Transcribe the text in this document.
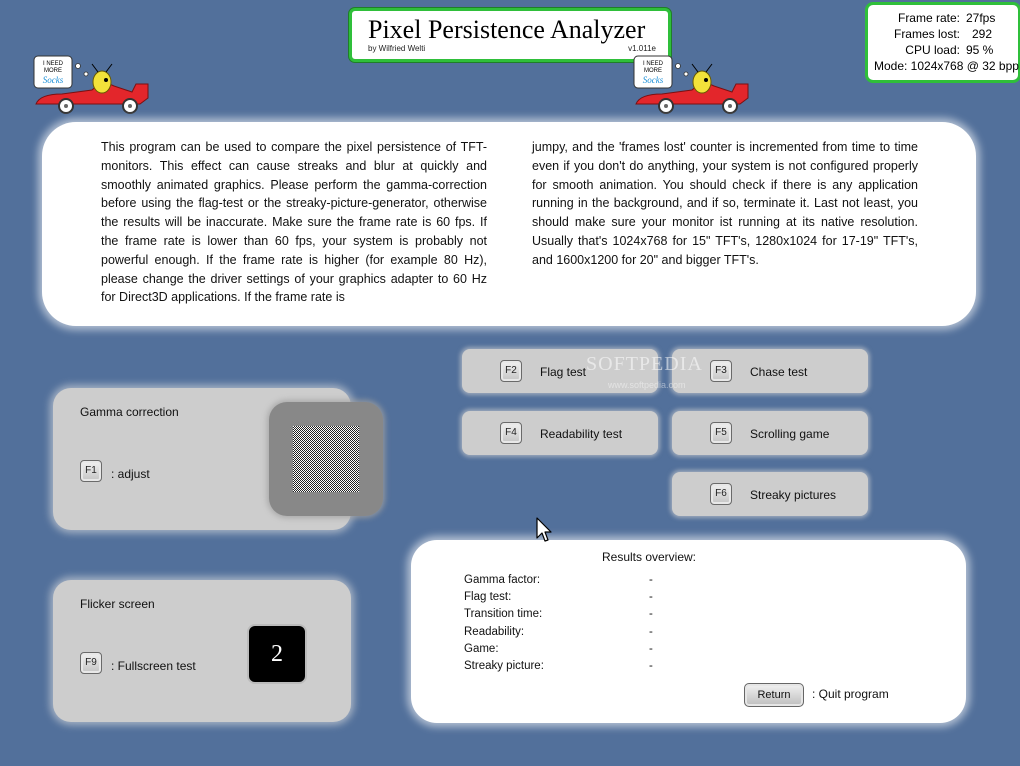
Pixel Persistence Analyzer
by Wilfried Welti	v1.011e
Frame rate: 27fps
Frames lost: 292
CPU load: 95 %
Mode: 1024x768 @ 32 bpp
I NEED
MORE
Socks
I NEED
MORE
Socks
This program can be used to compare the pixel persistence of TFT-monitors. This effect can cause streaks and blur at quickly and smoothly animated graphics. Please perform the gamma-correction before using the flag-test or the streaky-picture-generator, otherwise the results will be inaccurate. Make sure the frame rate is 60 fps. If the frame rate is lower than 60 fps, your system is probably not powerful enough. If the frame rate is higher (for example 80 Hz), please change the driver settings of your graphics adapter to 60 Hz for Direct3D applications. If the frame rate is
jumpy, and the 'frames lost' counter is incremented from time to time even if you don't do anything, your system is not configured properly for smooth animation. You should check if there is any application running in the background, and if so, terminate it. Last not least, you should make sure your monitor ist running at its native resolution. Usually that's 1024x768 for 15" TFT's, 1280x1024 for 17-19" TFT's, and 1600x1200 for 20" and bigger TFT's.
Gamma correction
F1	: adjust
Flicker screen
F9	: Fullscreen test	2
F2	Flag test	F3	Chase test
F4	Readability test	F5	Scrolling game
F6	Streaky pictures
SOFTPEDIA
www.softpedia.com
Results overview:
Gamma factor:	-
Flag test:	-
Transition time:	-
Readability:	-
Game:	-
Streaky picture:	-
Return	: Quit program
